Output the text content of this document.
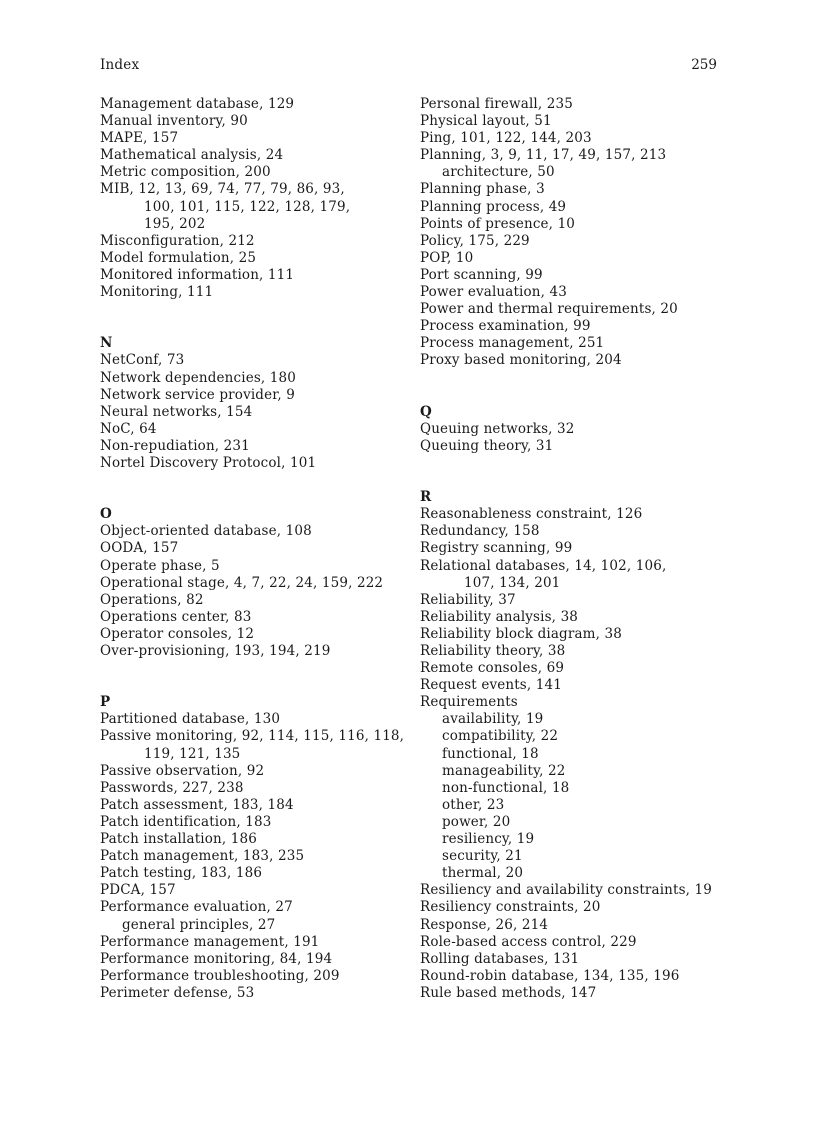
Index	259
Management database, 129
Manual inventory, 90
MAPE, 157
Mathematical analysis, 24
Metric composition, 200
MIB, 12, 13, 69, 74, 77, 79, 86, 93,
100, 101, 115, 122, 128, 179,
195, 202
Misconfiguration, 212
Model formulation, 25
Monitored information, 111
Monitoring, 111
N
NetConf, 73
Network dependencies, 180
Network service provider, 9
Neural networks, 154
NoC, 64
Non-repudiation, 231
Nortel Discovery Protocol, 101
O
Object-oriented database, 108
OODA, 157
Operate phase, 5
Operational stage, 4, 7, 22, 24, 159, 222
Operations, 82
Operations center, 83
Operator consoles, 12
Over-provisioning, 193, 194, 219
P
Partitioned database, 130
Passive monitoring, 92, 114, 115, 116, 118,
119, 121, 135
Passive observation, 92
Passwords, 227, 238
Patch assessment, 183, 184
Patch identification, 183
Patch installation, 186
Patch management, 183, 235
Patch testing, 183, 186
PDCA, 157
Performance evaluation, 27
general principles, 27
Performance management, 191
Performance monitoring, 84, 194
Performance troubleshooting, 209
Perimeter defense, 53
Personal firewall, 235
Physical layout, 51
Ping, 101, 122, 144, 203
Planning, 3, 9, 11, 17, 49, 157, 213
architecture, 50
Planning phase, 3
Planning process, 49
Points of presence, 10
Policy, 175, 229
POP, 10
Port scanning, 99
Power evaluation, 43
Power and thermal requirements, 20
Process examination, 99
Process management, 251
Proxy based monitoring, 204
Q
Queuing networks, 32
Queuing theory, 31
R
Reasonableness constraint, 126
Redundancy, 158
Registry scanning, 99
Relational databases, 14, 102, 106,
107, 134, 201
Reliability, 37
Reliability analysis, 38
Reliability block diagram, 38
Reliability theory, 38
Remote consoles, 69
Request events, 141
Requirements
availability, 19
compatibility, 22
functional, 18
manageability, 22
non-functional, 18
other, 23
power, 20
resiliency, 19
security, 21
thermal, 20
Resiliency and availability constraints, 19
Resiliency constraints, 20
Response, 26, 214
Role-based access control, 229
Rolling databases, 131
Round-robin database, 134, 135, 196
Rule based methods, 147
